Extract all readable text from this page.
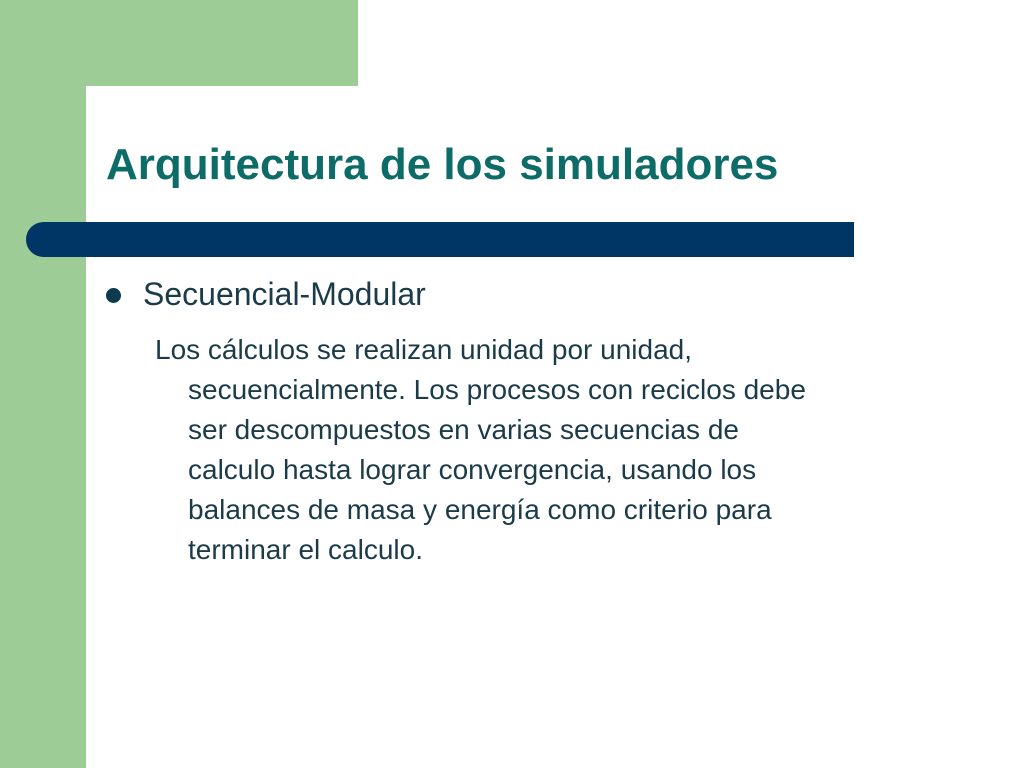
Arquitectura de los simuladores
Secuencial-Modular

Los cálculos se realizan unidad por unidad,
secuencialmente. Los procesos con reciclos debe
ser descompuestos en varias secuencias de
calculo hasta lograr convergencia, usando los
balances de masa y energía como criterio para
terminar el calculo.
